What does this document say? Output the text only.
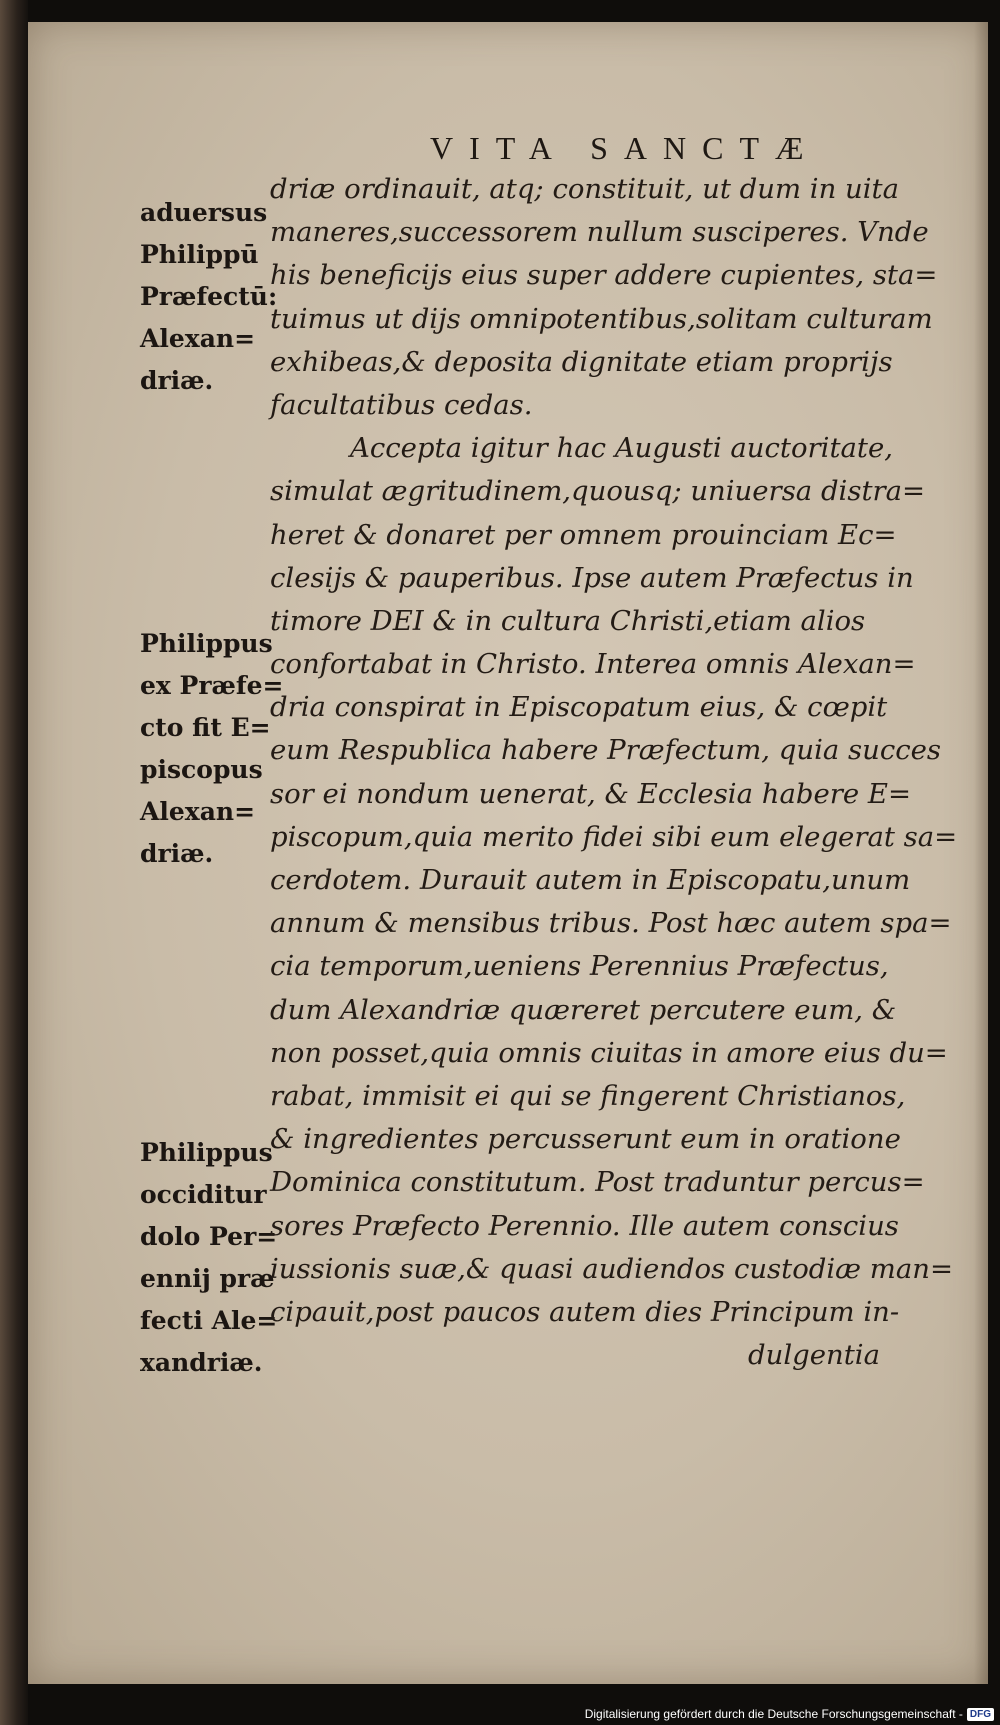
VITA SANCTÆ
aduersus
Philippū
Præfectū:
Alexan=
driæ.
Philippus
ex Præfe=
cto fit E=
piscopus
Alexan=
driæ.
Philippus
occiditur
dolo Per=
ennij præ
fecti Ale=
xandriæ.
driæ ordinauit, atq; constituit, ut dum in uita
maneres,successorem nullum susciperes. Vnde
his beneficijs eius super addere cupientes, sta=
tuimus ut dijs omnipotentibus,solitam culturam
exhibeas,& deposita dignitate etiam proprijs
facultatibus cedas.
Accepta igitur hac Augusti auctoritate,
simulat ægritudinem,quousq; uniuersa distra=
heret & donaret per omnem prouinciam Ec=
clesijs & pauperibus. Ipse autem Præfectus in
timore DEI & in cultura Christi,etiam alios
confortabat in Christo. Interea omnis Alexan=
dria conspirat in Episcopatum eius, & cœpit
eum Respublica habere Præfectum, quia succes
sor ei nondum uenerat, & Ecclesia habere E=
piscopum,quia merito fidei sibi eum elegerat sa=
cerdotem. Durauit autem in Episcopatu,unum
annum & mensibus tribus. Post hæc autem spa=
cia temporum,ueniens Perennius Præfectus,
dum Alexandriæ quæreret percutere eum, &
non posset,quia omnis ciuitas in amore eius du=
rabat, immisit ei qui se fingerent Christianos,
& ingredientes percusserunt eum in oratione
Dominica constitutum. Post traduntur percus=
sores Præfecto Perennio. Ille autem conscius
iussionis suæ,& quasi audiendos custodiæ man=
cipauit,post paucos autem dies Principum in-
dulgentia
Digitalisierung gefördert durch die Deutsche Forschungsgemeinschaft - DFG
